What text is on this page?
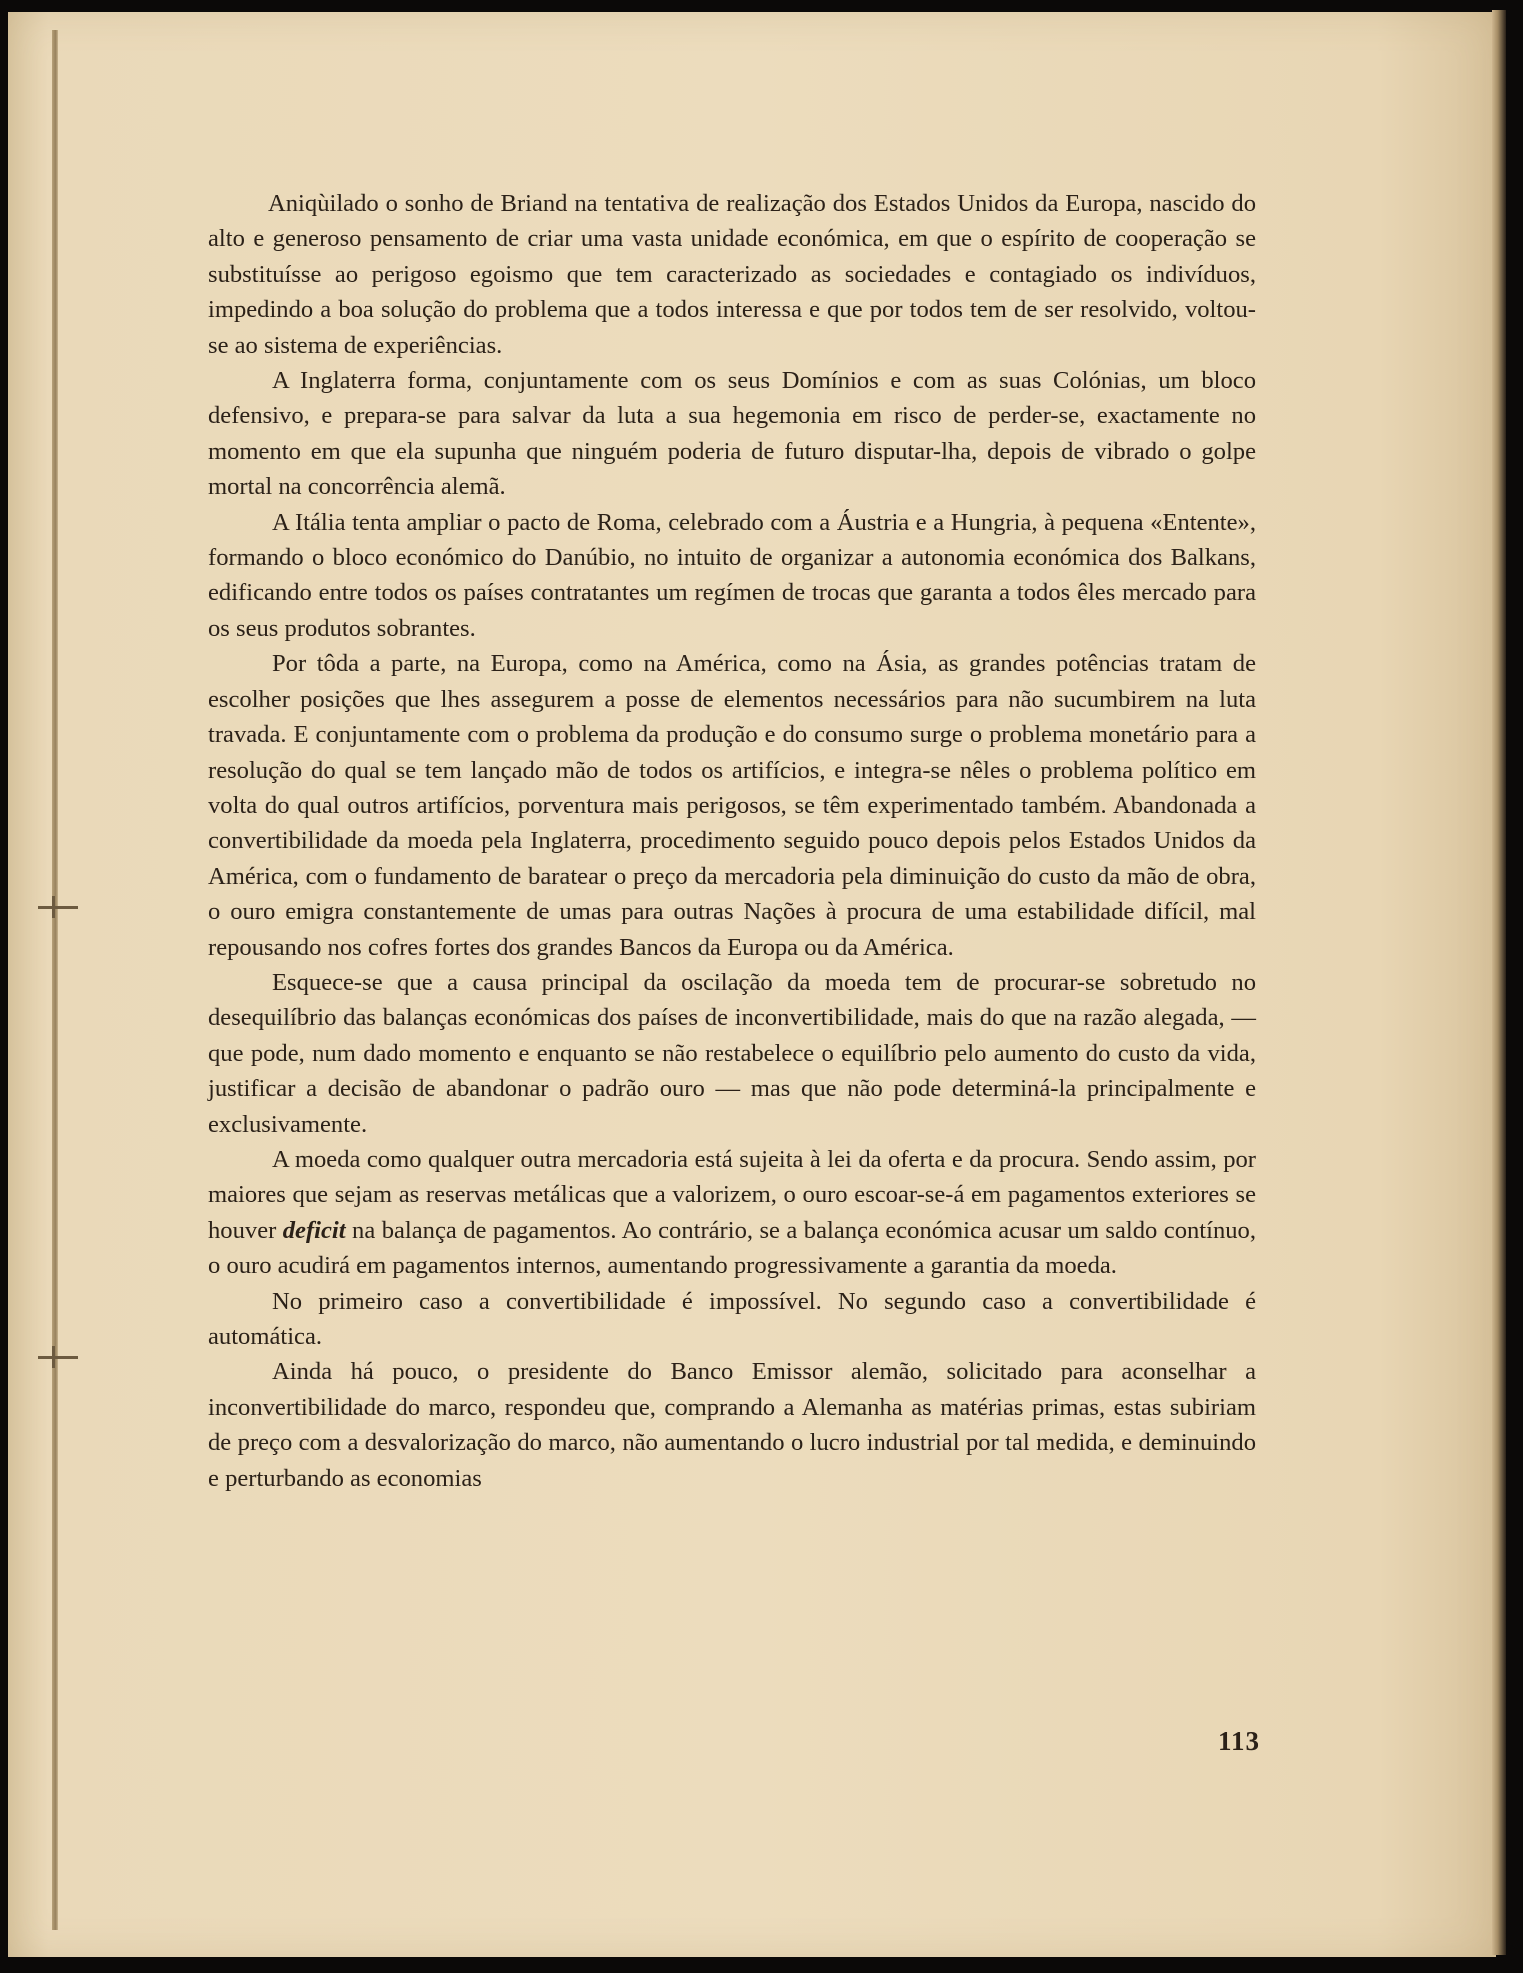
Aniqùilado o sonho de Briand na tentativa de realização dos Estados Unidos da Europa, nascido do alto e generoso pensamento de criar uma vasta unidade económica, em que o espírito de cooperação se substituísse ao perigoso egoismo que tem caracterizado as sociedades e contagiado os indivíduos, impedindo a boa solução do problema que a todos interessa e que por todos tem de ser resolvido, voltou-se ao sistema de experiências.

A Inglaterra forma, conjuntamente com os seus Domínios e com as suas Colónias, um bloco defensivo, e prepara-se para salvar da luta a sua hegemonia em risco de perder-se, exactamente no momento em que ela supunha que ninguém poderia de futuro disputar-lha, depois de vibrado o golpe mortal na concorrência alemã.

A Itália tenta ampliar o pacto de Roma, celebrado com a Áustria e a Hungria, à pequena «Entente», formando o bloco económico do Danúbio, no intuito de organizar a autonomia económica dos Balkans, edificando entre todos os países contratantes um regímen de trocas que garanta a todos êles mercado para os seus produtos sobrantes.

Por tôda a parte, na Europa, como na América, como na Ásia, as grandes potências tratam de escolher posições que lhes assegurem a posse de elementos necessários para não sucumbirem na luta travada. E conjuntamente com o problema da produção e do consumo surge o problema monetário para a resolução do qual se tem lançado mão de todos os artifícios, e integra-se nêles o problema político em volta do qual outros artifícios, porventura mais perigosos, se têm experimentado também. Abandonada a convertibilidade da moeda pela Inglaterra, procedimento seguido pouco depois pelos Estados Unidos da América, com o fundamento de baratear o preço da mercadoria pela diminuição do custo da mão de obra, o ouro emigra constantemente de umas para outras Nações à procura de uma estabilidade difícil, mal repousando nos cofres fortes dos grandes Bancos da Europa ou da América.

Esquece-se que a causa principal da oscilação da moeda tem de procurar-se sobretudo no desequilíbrio das balanças económicas dos países de inconvertibilidade, mais do que na razão alegada, — que pode, num dado momento e enquanto se não restabelece o equilíbrio pelo aumento do custo da vida, justificar a decisão de abandonar o padrão ouro — mas que não pode determiná-la principalmente e exclusivamente.

A moeda como qualquer outra mercadoria está sujeita à lei da oferta e da procura. Sendo assim, por maiores que sejam as reservas metálicas que a valorizem, o ouro escoar-se-á em pagamentos exteriores se houver deficit na balança de pagamentos. Ao contrário, se a balança económica acusar um saldo contínuo, o ouro acudirá em pagamentos internos, aumentando progressivamente a garantia da moeda.

No primeiro caso a convertibilidade é impossível. No segundo caso a convertibilidade é automática.

Ainda há pouco, o presidente do Banco Emissor alemão, solicitado para aconselhar a inconvertibilidade do marco, respondeu que, comprando a Alemanha as matérias primas, estas subiriam de preço com a desvalorização do marco, não aumentando o lucro industrial por tal medida, e deminuindo e perturbando as economias

113
